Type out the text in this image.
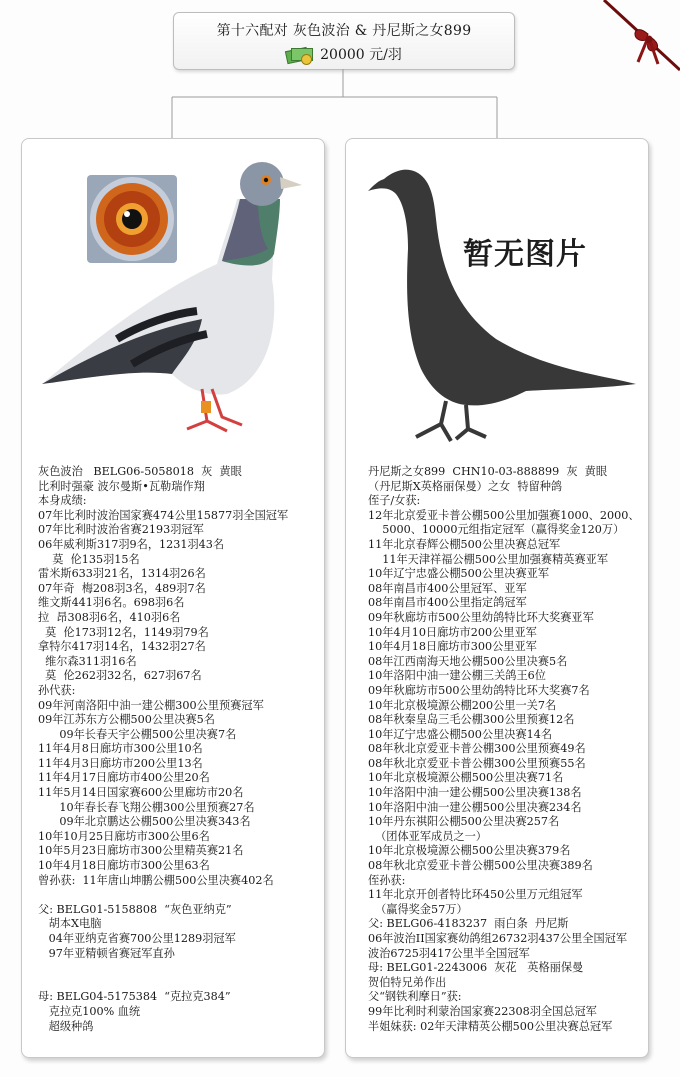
第十六配对 灰色波治 & 丹尼斯之女899
20000 元/羽
灰色波治   BELG06-5058018  灰  黄眼
比利时强豪 波尔曼斯•瓦勒瑞作翔
本身成绩:
07年比利时波治国家赛474公里15877羽全国冠军
07年比利时波治省赛2193羽冠军
06年威利斯317羽9名，1231羽43名
莫  伦135羽15名
雷米斯633羽21名，1314羽26名
07年奇  梅208羽3名，489羽7名
维文斯441羽6名。698羽6名
拉  昂308羽6名，410羽6名
莫  伦173羽12名，1149羽79名
拿特尔417羽14名，1432羽27名
维尔森311羽16名
莫  伦262羽32名，627羽67名
孙代获:
09年河南洛阳中油一建公棚300公里预赛冠军
09年江苏东方公棚500公里决赛5名
09年长春天宇公棚500公里决赛7名
11年4月8日廊坊市300公里10名
11年4月3日廊坊市200公里13名
11年4月17日廊坊市400公里20名
11年5月14日国家赛600公里廊坊市20名
10年春长春飞翔公棚300公里预赛27名
09年北京鹏达公棚500公里决赛343名
10年10月25日廊坊市300公里6名
10年5月23日廊坊市300公里精英赛21名
10年4月18日廊坊市300公里63名
曾孙获:  11年唐山坤鹏公棚500公里决赛402名
父: BELG01-5158808  “灰色亚纳克”
胡本X电脑
04年亚纳克省赛700公里1289羽冠军
97年亚精顿省赛冠军直孙
母: BELG04-5175384  “克拉克384”
克拉克100% 血统
超级种鸽
暂无图片
丹尼斯之女899  CHN10-03-888899  灰  黄眼
（丹尼斯X英格丽保曼）之女  特留种鸽
侄子/女获:
12年北京爱亚卡普公棚500公里加强赛1000、2000、
5000、10000元组指定冠军（赢得奖金120万）
11年北京春辉公棚500公里决赛总冠军
11年天津祥福公棚500公里加强赛精英赛亚军
10年辽宁忠盛公棚500公里决赛亚军
08年南昌市400公里冠军、亚军
08年南昌市400公里指定鸽冠军
09年秋廊坊市500公里幼鸽特比环大奖赛亚军
10年4月10日廊坊市200公里亚军
10年4月18日廊坊市300公里亚军
08年江西南海天地公棚500公里决赛5名
10年洛阳中油一建公棚三关鸽王6位
09年秋廊坊市500公里幼鸽特比环大奖赛7名
10年北京极境源公棚200公里一关7名
08年秋秦皇岛三毛公棚300公里预赛12名
10年辽宁忠盛公棚500公里决赛14名
08年秋北京爱亚卡普公棚300公里预赛49名
08年秋北京爱亚卡普公棚300公里预赛55名
10年北京极境源公棚500公里决赛71名
10年洛阳中油一建公棚500公里决赛138名
10年洛阳中油一建公棚500公里决赛234名
10年丹东祺阳公棚500公里决赛257名
（团体亚军成员之一）
10年北京极境源公棚500公里决赛379名
08年秋北京爱亚卡普公棚500公里决赛389名
侄孙获:
11年北京开创者特比环450公里万元组冠军
（赢得奖金57万）
父: BELG06-4183237  雨白条  丹尼斯
06年波治II国家赛幼鸽组26732羽437公里全国冠军
波治6725羽417公里半全国冠军
母: BELG01-2243006  灰花   英格丽保曼
贺伯特兄弟作出
父“钢铁利摩日”获:
99年比利时利蒙治国家赛22308羽全国总冠军
半姐妹获: 02年天津精英公棚500公里决赛总冠军
